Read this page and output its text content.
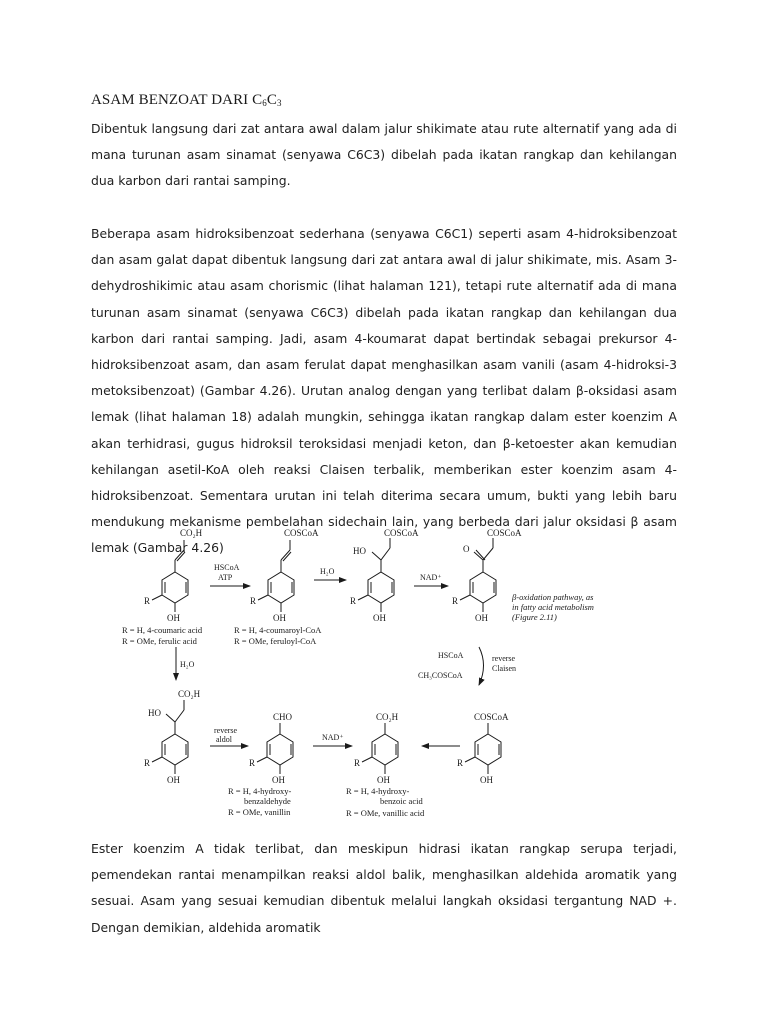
ASAM BENZOAT DARI $C_6C_3$
Dibentuk langsung dari zat antara awal dalam jalur shikimate atau rute alternatif yang ada di mana turunan asam sinamat (senyawa C6C3) dibelah pada ikatan rangkap dan kehilangan dua karbon dari rantai samping.
Beberapa asam hidroksibenzoat sederhana (senyawa C6C1) seperti asam 4-hidroksibenzoat dan asam galat dapat dibentuk langsung dari zat antara awal di jalur shikimate, mis. Asam 3-dehydroshikimic atau asam chorismic (lihat halaman 121), tetapi rute alternatif ada di mana turunan asam sinamat (senyawa C6C3) dibelah pada ikatan rangkap dan kehilangan dua karbon dari rantai samping. Jadi, asam 4-koumarat dapat bertindak sebagai prekursor 4-hidroksibenzoat asam, dan asam ferulat dapat menghasilkan asam vanili (asam 4-hidroksi-3 metoksibenzoat) (Gambar 4.26). Urutan analog dengan yang terlibat dalam β-oksidasi asam lemak (lihat halaman 18) adalah mungkin, sehingga ikatan rangkap dalam ester koenzim A akan terhidrasi, gugus hidroksil teroksidasi menjadi keton, dan β-ketoester akan kemudian kehilangan asetil-KoA oleh reaksi Claisen terbalik, memberikan ester koenzim asam 4-hidroksibenzoat. Sementara urutan ini telah diterima secara umum, bukti yang lebih baru mendukung mekanisme pembelahan sidechain lain, yang berbeda dari jalur oksidasi β asam lemak (Gambar 4.26)
CO₂H
OH
R
COSCoA
OH
R
COSCoA
HO
OH
R
COSCoA
O
OH
R
CO₂H
HO
OH
R
CHO
OH
R
CO₂H
OH
R
COSCoA
OH
R
HSCoA
ATP
H₂O
NAD⁺
H₂O
reverse
aldol	NAD⁺
HSCoA
CH₃COSCoA
reverse
Claisen
R = H, 4-coumaric acid
R = OMe, ferulic acid
R = H, 4-coumaroyl-CoA
R = OMe, feruloyl-CoA
β-oxidation pathway, as
in fatty acid metabolism
(Figure 2.11)
R = H, 4-hydroxy-
benzaldehyde
R = OMe, vanillin
R = H, 4-hydroxy-
benzoic acid
R = OMe, vanillic acid
Ester koenzim A tidak terlibat, dan meskipun hidrasi ikatan rangkap serupa terjadi, pemendekan rantai menampilkan reaksi aldol balik, menghasilkan aldehida aromatik yang sesuai. Asam yang sesuai kemudian dibentuk melalui langkah oksidasi tergantung NAD +. Dengan demikian, aldehida aromatik
